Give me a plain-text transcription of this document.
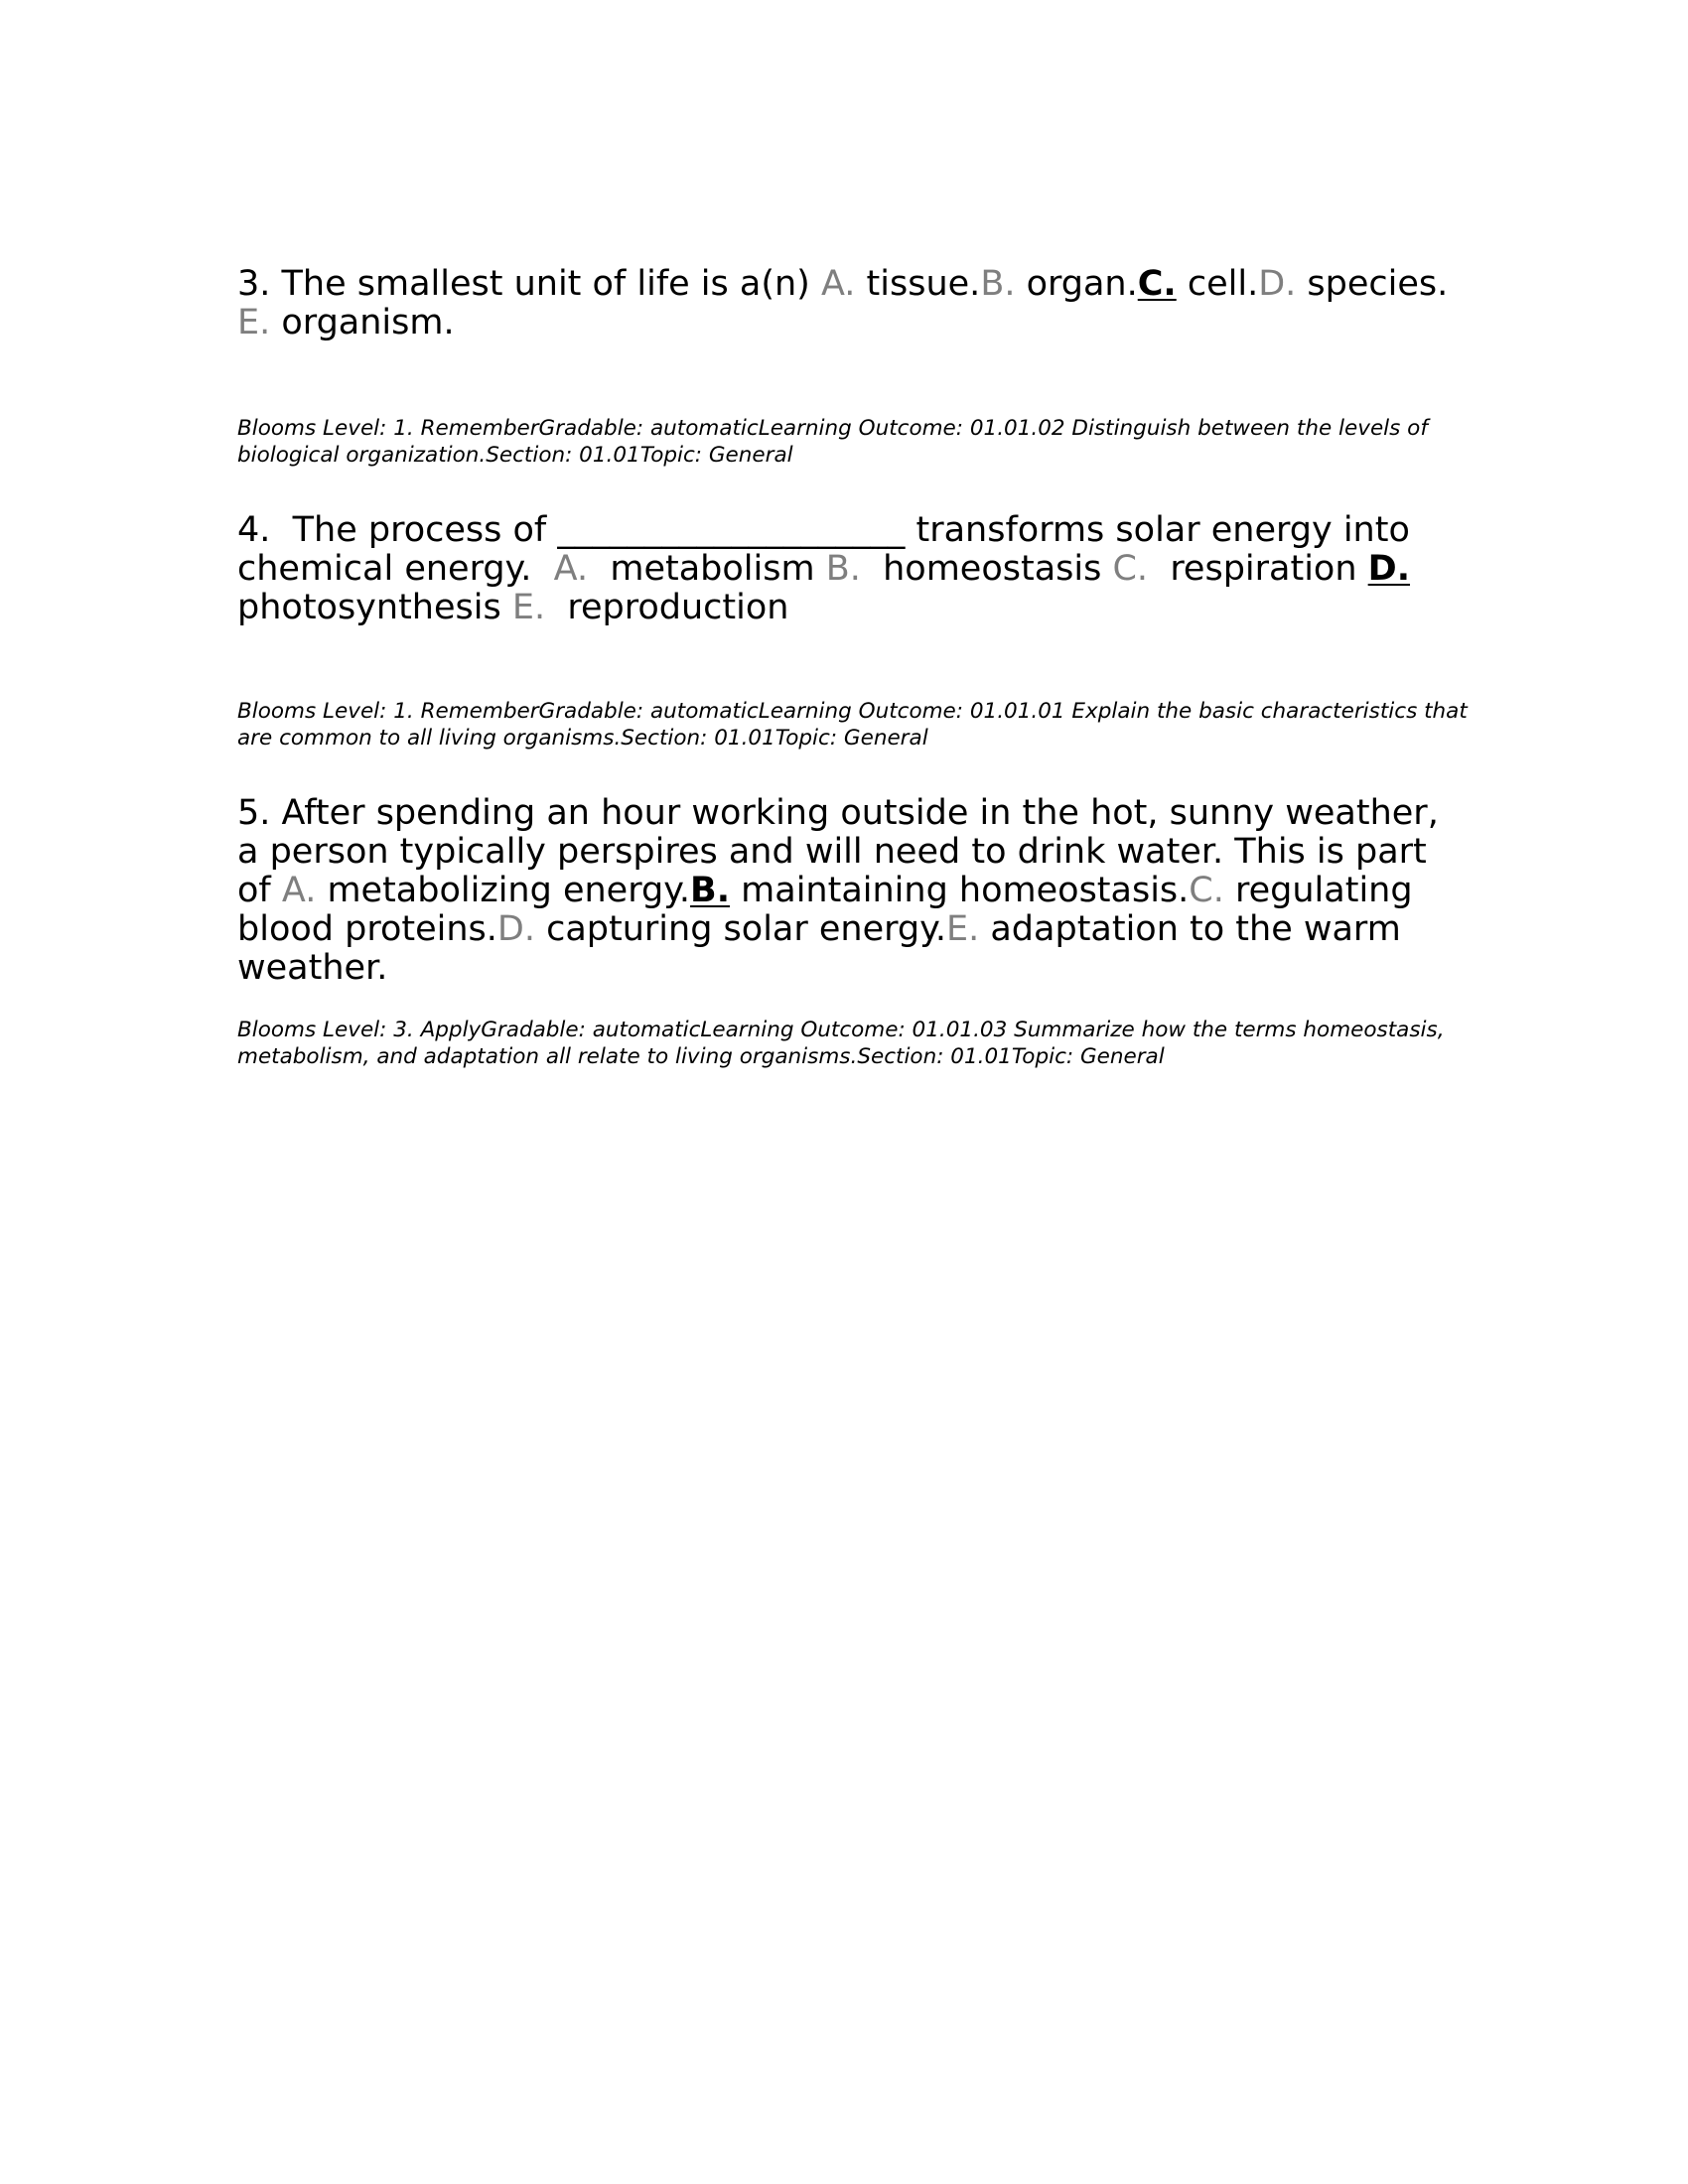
3. The smallest unit of life is a(n) A. tissue.B. organ.C. cell.D. species.
E. organism.
Blooms Level: 1. RememberGradable: automaticLearning Outcome: 01.01.02 Distinguish between the levels of biological organization.Section: 01.01Topic: General
4.  The process of ____________________ transforms solar energy into chemical energy.  A.  metabolism B.  homeostasis C.  respiration D. photosynthesis E.  reproduction
Blooms Level: 1. RememberGradable: automaticLearning Outcome: 01.01.01 Explain the basic characteristics that are common to all living organisms.Section: 01.01Topic: General
5. After spending an hour working outside in the hot, sunny weather, a person typically perspires and will need to drink water. This is part of A. metabolizing energy.B. maintaining homeostasis.C. regulating blood proteins.D. capturing solar energy.E. adaptation to the warm weather.
Blooms Level: 3. ApplyGradable: automaticLearning Outcome: 01.01.03 Summarize how the terms homeostasis, metabolism, and adaptation all relate to living organisms.Section: 01.01Topic: General
